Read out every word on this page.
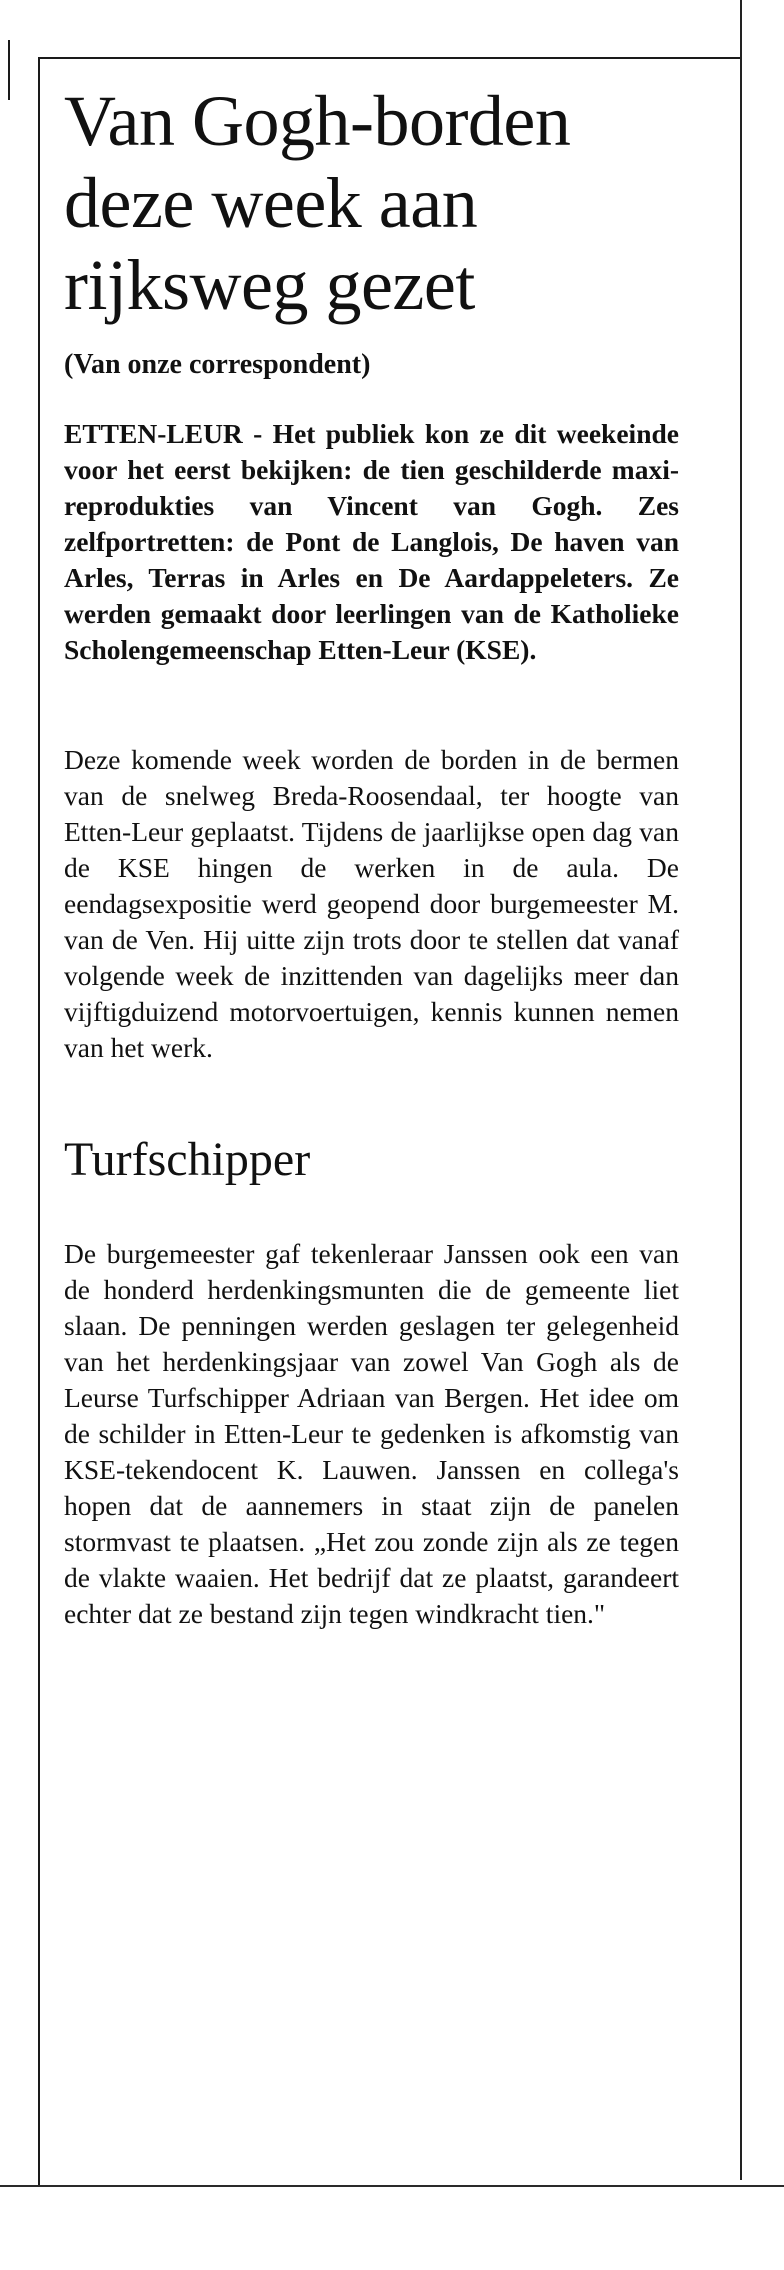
Van Gogh-borden deze week aan rijksweg gezet

(Van onze correspondent)

ETTEN-LEUR - Het publiek kon ze dit weekeinde voor het eerst bekijken: de tien geschilderde maxi-reprodukties van Vincent van Gogh. Zes zelfportretten: de Pont de Langlois, De haven van Arles, Terras in Arles en De Aardappeleters. Ze werden gemaakt door leerlingen van de Katholieke Scholengemeenschap Etten-Leur (KSE).

Deze komende week worden de borden in de bermen van de snelweg Breda-Roosendaal, ter hoogte van Etten-Leur geplaatst. Tijdens de jaarlijkse open dag van de KSE hingen de werken in de aula. De eendagsexpositie werd geopend door burgemeester M. van de Ven. Hij uitte zijn trots door te stellen dat vanaf volgende week de inzittenden van dagelijks meer dan vijftigduizend motorvoertuigen, kennis kunnen nemen van het werk.

Turfschipper

De burgemeester gaf tekenleraar Janssen ook een van de honderd herdenkingsmunten die de gemeente liet slaan. De penningen werden geslagen ter gelegenheid van het herdenkingsjaar van zowel Van Gogh als de Leurse Turfschipper Adriaan van Bergen. Het idee om de schilder in Etten-Leur te gedenken is afkomstig van KSE-tekendocent K. Lauwen. Janssen en collega's hopen dat de aannemers in staat zijn de panelen stormvast te plaatsen. „Het zou zonde zijn als ze tegen de vlakte waaien. Het bedrijf dat ze plaatst, garandeert echter dat ze bestand zijn tegen windkracht tien."
